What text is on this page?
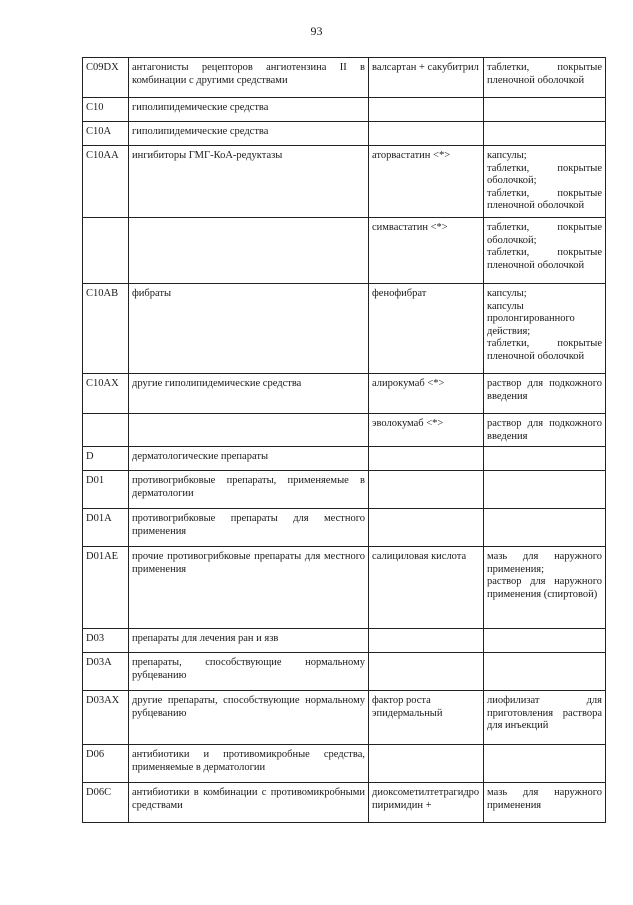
93
C09DX	антагонисты рецепторов ангиотензина II в комбинации с другими средствами	валсартан + сакубитрил	таблетки, покрытые пленочной оболочкой

C10	гиполипидемические средства		
C10A	гиполипидемические средства		
C10AA	ингибиторы ГМГ-КоА-редуктазы	аторвастатин <*>	капсулы;
таблетки, покрытые оболочкой;
таблетки, покрытые пленочной оболочкой

		симвастатин <*>	таблетки, покрытые оболочкой;
таблетки, покрытые пленочной оболочкой

C10AB	фибраты	фенофибрат	капсулы;
капсулы пролонгированного действия;
таблетки, покрытые пленочной оболочкой

C10AX	другие гиполипидемические средства	алирокумаб <*>	раствор для подкожного введения

		эволокумаб <*>	раствор для подкожного введения

D	дерматологические препараты		
D01	противогрибковые препараты, применяемые в дерматологии		
D01A	противогрибковые препараты для местного применения		
D01AE	прочие противогрибковые препараты для местного применения	салициловая кислота	мазь для наружного применения;
раствор для наружного применения (спиртовой)

D03	препараты для лечения ран и язв		
D03A	препараты, способствующие нормальному рубцеванию		
D03AX	другие препараты, способствующие нормальному рубцеванию	фактор роста эпидермальный	лиофилизат для приготовления раствора для инъекций

D06	антибиотики и противомикробные средства, применяемые в дерматологии		
D06C	антибиотики в комбинации с противомикробными средствами	диоксометилтетрагидропиримидин +	мазь для наружного применения
